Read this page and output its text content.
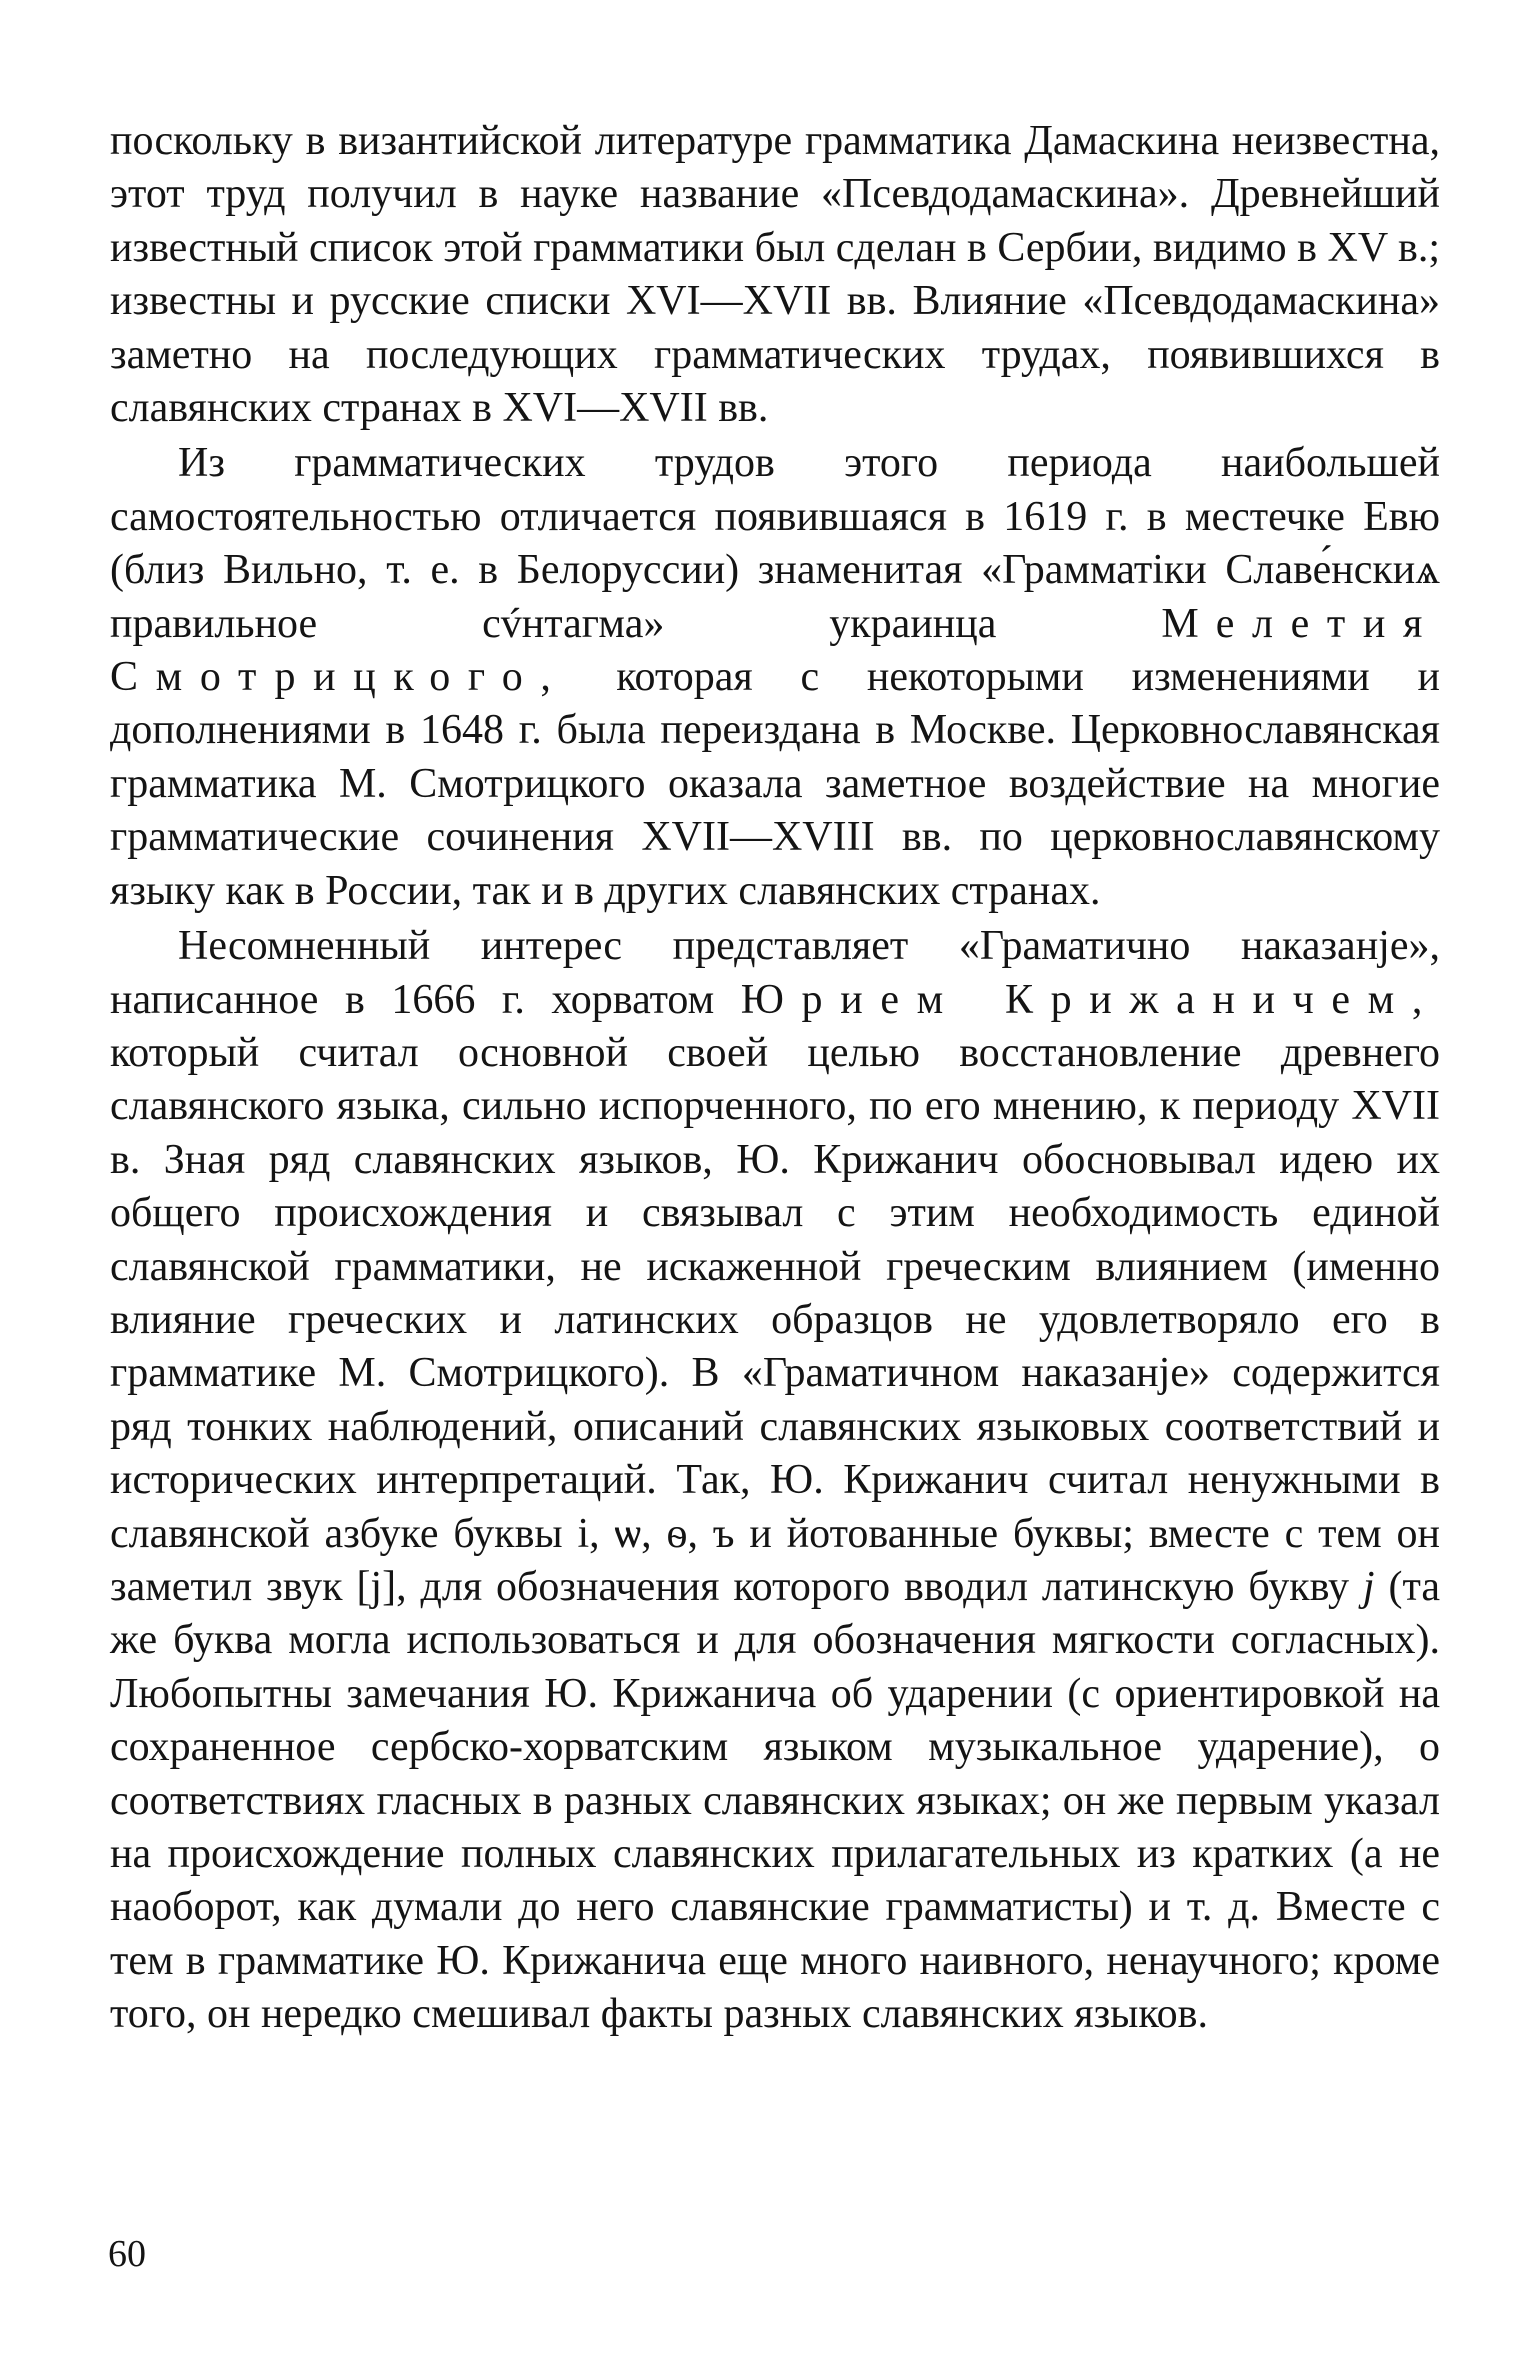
поскольку в византийской литературе грамматика Дамаскина неизвестна, этот труд получил в науке название «Псевдодамаскина». Древнейший известный список этой грамматики был сделан в Сербии, видимо в XV в.; известны и русские списки XVI—XVII вв. Влияние «Псевдодамаскина» заметно на последующих грамматических трудах, появившихся в славянских странах в XVI—XVII вв.

Из грамматических трудов этого периода наибольшей самостоятельностью отличается появившаяся в 1619 г. в местечке Евю (близ Вильно, т. е. в Белоруссии) знаменитая «Грамматіки Славе́нскиѧ правильное сv́нтагма» украинца Мелетия Смотрицкого, которая с некоторыми изменениями и дополнениями в 1648 г. была переиздана в Москве. Церковнославянская грамматика М. Смотрицкого оказала заметное воздействие на многие грамматические сочинения XVII—XVIII вв. по церковнославянскому языку как в России, так и в других славянских странах.

Несомненный интерес представляет «Граматично наказанје», написанное в 1666 г. хорватом Юрием Крижаничем, который считал основной своей целью восстановление древнего славянского языка, сильно испорченного, по его мнению, к периоду XVII в. Зная ряд славянских языков, Ю. Крижанич обосновывал идею их общего происхождения и связывал с этим необходимость единой славянской грамматики, не искаженной греческим влиянием (именно влияние греческих и латинских образцов не удовлетворяло его в грамматике М. Смотрицкого). В «Граматичном наказанје» содержится ряд тонких наблюдений, описаний славянских языковых соответствий и исторических интерпретаций. Так, Ю. Крижанич считал ненужными в славянской азбуке буквы і, ѡ, ѳ, ъ и йотованные буквы; вместе с тем он заметил звук [j], для обозначения которого вводил латинскую букву j (та же буква могла использоваться и для обозначения мягкости согласных). Любопытны замечания Ю. Крижанича об ударении (с ориентировкой на сохраненное сербско-хорватским языком музыкальное ударение), о соответствиях гласных в разных славянских языках; он же первым указал на происхождение полных славянских прилагательных из кратких (а не наоборот, как думали до него славянские грамматисты) и т. д. Вместе с тем в грамматике Ю. Крижанича еще много наивного, ненаучного; кроме того, он нередко смешивал факты разных славянских языков.

60
